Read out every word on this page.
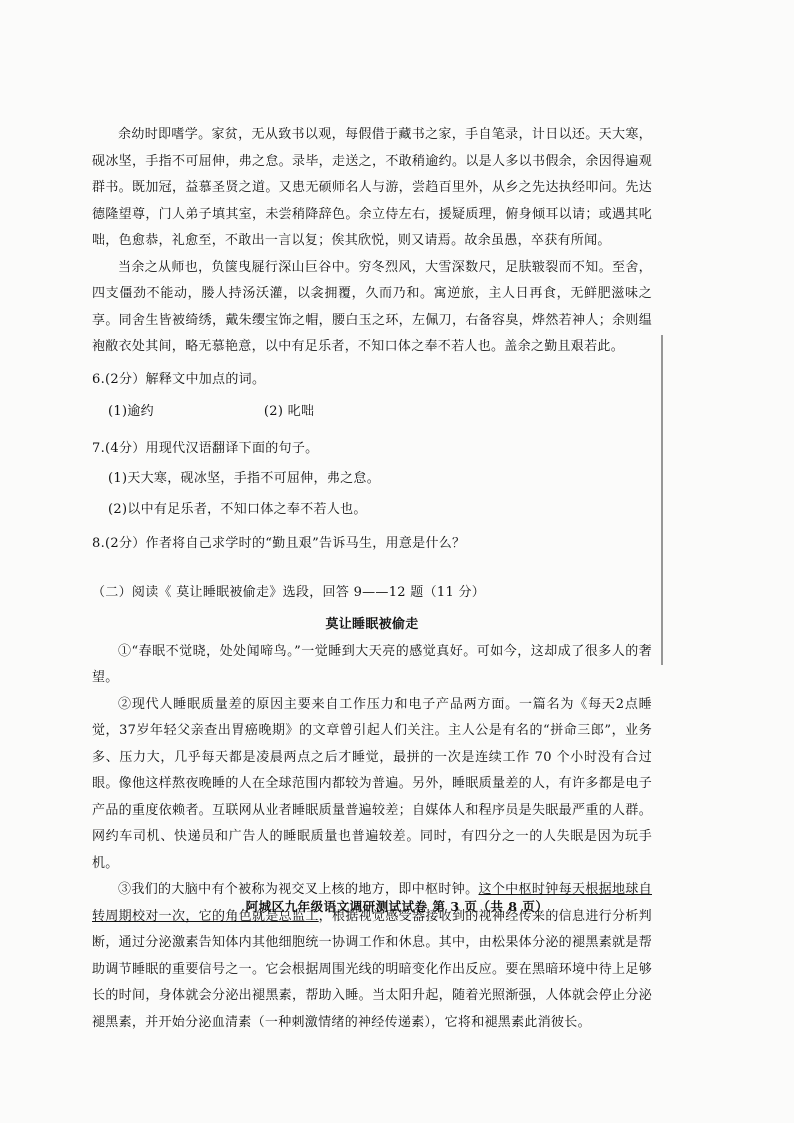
余幼时即嗜学。家贫，无从致书以观，每假借于藏书之家，手自笔录，计日以还。天大寒，砚冰坚，手指不可屈伸，弗之怠。录毕，走送之，不敢稍逾约。以是人多以书假余，余因得遍观群书。既加冠，益慕圣贤之道。又患无硕师名人与游，尝趋百里外，从乡之先达执经叩问。先达德隆望尊，门人弟子填其室，未尝稍降辞色。余立侍左右，援疑质理，俯身倾耳以请；或遇其叱咄，色愈恭，礼愈至，不敢出一言以复；俟其欣悦，则又请焉。故余虽愚，卒获有所闻。

当余之从师也，负箧曳屣行深山巨谷中。穷冬烈风，大雪深数尺，足肤皲裂而不知。至舍，四支僵劲不能动，媵人持汤沃灌，以衾拥覆，久而乃和。寓逆旅，主人日再食，无鲜肥滋味之享。同舍生皆被绮绣，戴朱缨宝饰之帽，腰白玉之环，左佩刀，右备容臭，烨然若神人；余则缊袍敝衣处其间，略无慕艳意，以中有足乐者，不知口体之奉不若人也。盖余之勤且艰若此。

6.(2分）解释文中加点的词。

(1)逾约	(2) 叱咄

7.(4分）用现代汉语翻译下面的句子。

(1)天大寒，砚冰坚，手指不可屈伸，弗之怠。

(2)以中有足乐者，不知口体之奉不若人也。

8.(2分）作者将自己求学时的“勤且艰”告诉马生，用意是什么？

（二）阅读《 莫让睡眠被偷走》选段，回答 9——12 题（11 分）

莫让睡眠被偷走

①“春眠不觉晓，处处闻啼鸟。”一觉睡到大天亮的感觉真好。可如今，这却成了很多人的奢望。

②现代人睡眠质量差的原因主要来自工作压力和电子产品两方面。一篇名为《每天2点睡觉，37岁年轻父亲查出胃癌晚期》的文章曾引起人们关注。主人公是有名的“拼命三郎”，业务多、压力大，几乎每天都是凌晨两点之后才睡觉，最拼的一次是连续工作 70 个小时没有合过眼。像他这样熬夜晚睡的人在全球范围内都较为普遍。另外，睡眠质量差的人，有许多都是电子产品的重度依赖者。互联网从业者睡眠质量普遍较差；自媒体人和程序员是失眠最严重的人群。网约车司机、快递员和广告人的睡眠质量也普遍较差。同时，有四分之一的人失眠是因为玩手机。

③我们的大脑中有个被称为视交叉上核的地方，即中枢时钟。这个中枢时钟每天根据地球自转周期校对一次，它的角色就是总监工，根据视觉感受器接收到的视神经传来的信息进行分析判断，通过分泌激素告知体内其他细胞统一协调工作和休息。其中，由松果体分泌的褪黑素就是帮助调节睡眠的重要信号之一。它会根据周围光线的明暗变化作出反应。要在黑暗环境中待上足够长的时间，身体就会分泌出褪黑素，帮助入睡。当太阳升起，随着光照渐强，人体就会停止分泌褪黑素，并开始分泌血清素（一种刺激情绪的神经传递素），它将和褪黑素此消彼长。

阿城区九年级语文调研测试试卷 第 3 页（共 8 页）
